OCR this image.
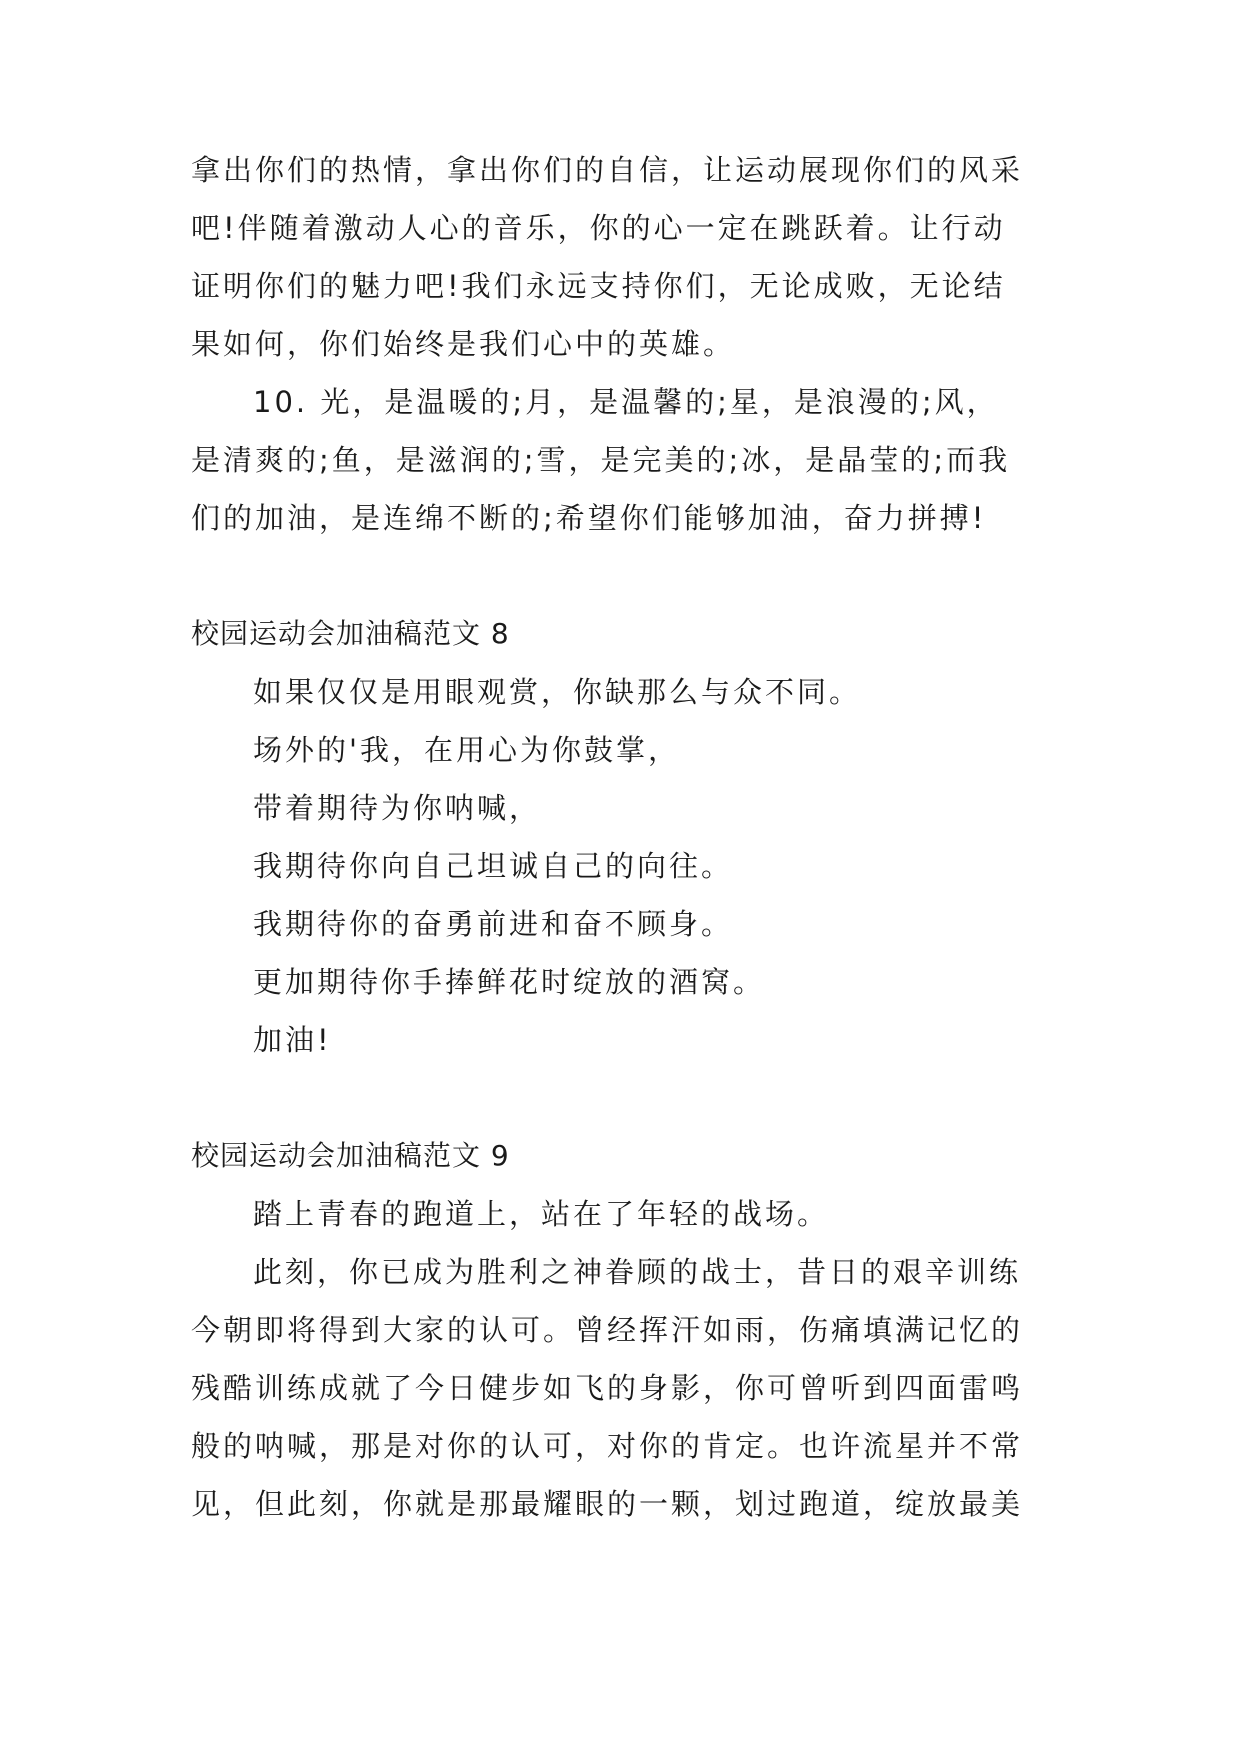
拿出你们的热情，拿出你们的自信，让运动展现你们的风采
吧!伴随着激动人心的音乐，你的心一定在跳跃着。让行动
证明你们的魅力吧!我们永远支持你们，无论成败，无论结
果如何，你们始终是我们心中的英雄。
10. 光，是温暖的;月，是温馨的;星，是浪漫的;风，
是清爽的;鱼，是滋润的;雪，是完美的;冰，是晶莹的;而我
们的加油，是连绵不断的;希望你们能够加油，奋力拼搏!
校园运动会加油稿范文 8
如果仅仅是用眼观赏，你缺那么与众不同。
场外的'我，在用心为你鼓掌，
带着期待为你呐喊，
我期待你向自己坦诚自己的向往。
我期待你的奋勇前进和奋不顾身。
更加期待你手捧鲜花时绽放的酒窝。
加油!
校园运动会加油稿范文 9
踏上青春的跑道上，站在了年轻的战场。
此刻，你已成为胜利之神眷顾的战士，昔日的艰辛训练
今朝即将得到大家的认可。曾经挥汗如雨，伤痛填满记忆的
残酷训练成就了今日健步如飞的身影，你可曾听到四面雷鸣
般的呐喊，那是对你的认可，对你的肯定。也许流星并不常
见，但此刻，你就是那最耀眼的一颗，划过跑道，绽放最美
